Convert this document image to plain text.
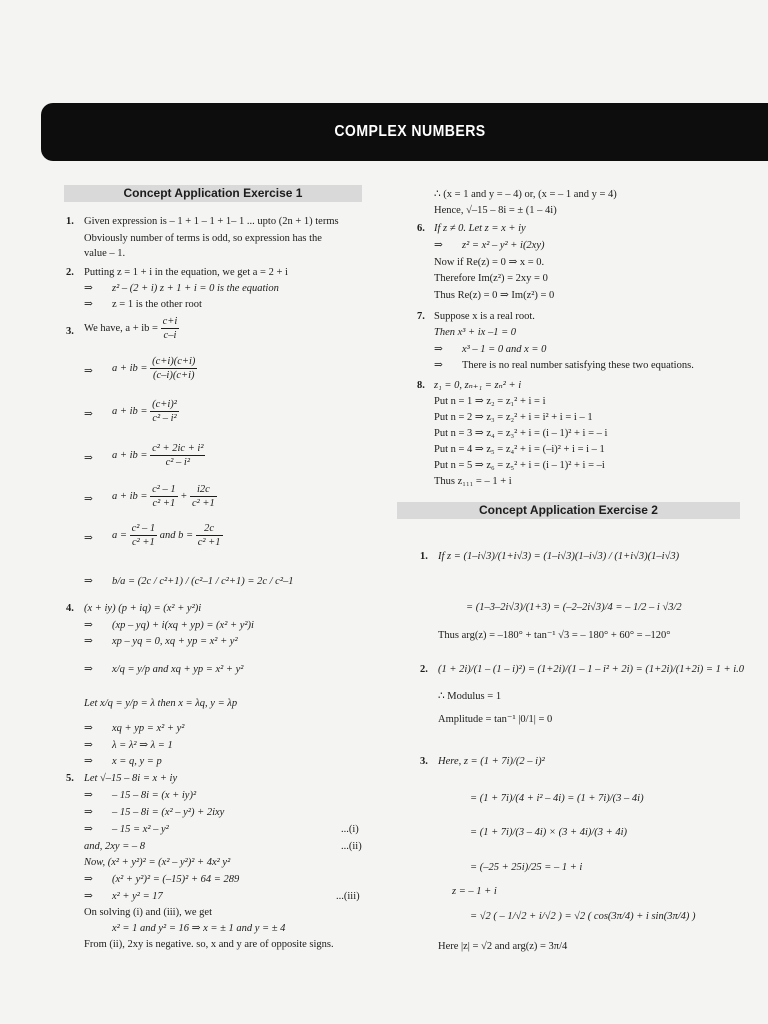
COMPLEX NUMBERS
Concept Application Exercise 1
1. Given expression is – 1 + 1 – 1 + 1– 1 ... upto (2n + 1) terms
Obviously number of terms is odd, so expression has the
value – 1.
2. Putting z = 1 + i in the equation, we get a = 2 + i
⇒ z² – (2 + i) z + 1 + i = 0 is the equation
⇒ z = 1 is the other root
3. We have, a + ib = $\frac{c+i}{c-i}$
⇒ a + ib = $\frac{(c+i)(c+i)}{(c-i)(c+i)}$
⇒ a + ib = $\frac{\text{(c+i)²}}{\text{c² – i²}}$
⇒ a + ib = $\frac{\text{c² + 2ic + i²}}{\text{c² – i²}}$
⇒ a + ib = $\frac{\text{c² – 1}}{\text{c² +1}} + \frac{i2c}{\text{c² +1}}$
⇒ $a = \frac{\text{c² – 1}}{\text{c² +1}}$ and $b = \frac{2c}{\text{c² +1}}$
⇒ b/a = (2c / c²+1) / (c²–1 / c²+1) = 2c / c²–1
4. (x + iy) (p + iq) = (x² + y²)i
⇒ (xp – yq) + i(xq + yp) = (x² + y²)i
⇒ xp – yq = 0, xq + yp = x² + y²
⇒ x/q = y/p and xq + yp = x² + y²
Let x/q = y/p = λ then x = λq, y = λp
⇒ xq + yp = x² + y²
⇒ λ = λ² ⇒ λ = 1
⇒ x = q, y = p
5. Let √–15 – 8i = x + iy
⇒ – 15 – 8i = (x + iy)²
⇒ – 15 – 8i = (x² – y²) + 2ixy
⇒ – 15 = x² – y²	...(i)
and, 2xy = – 8	...(ii)
Now, (x² + y²)² = (x² – y²)² + 4x² y²
⇒ (x² + y²)² = (–15)² + 64 = 289
⇒ x² + y² = 17	...(iii)
On solving (i) and (iii), we get
x² = 1 and y² = 16 ⇒ x = ± 1 and y = ± 4
From (ii), 2xy is negative. so, x and y are of opposite signs.
∴ (x = 1 and y = – 4) or, (x = – 1 and y = 4)
Hence, √–15 – 8i = ± (1 – 4i)
6. If z ≠ 0. Let z = x + iy
⇒ z² = x² – y² + i(2xy)
Now if Re(z) = 0 ⇒ x = 0.
Therefore Im(z²) = 2xy = 0
Thus Re(z) = 0 ⇒ Im(z²) = 0
7. Suppose x is a real root.
Then x³ + ix –1 = 0
⇒ x³ – 1 = 0 and x = 0
⇒ There is no real number satisfying these two equations.
8. z₁ = 0, zₙ₊₁ = zₙ² + i
Put n = 1 ⇒ z₂ = z₁² + i = i
Put n = 2 ⇒ z₃ = z₂² + i = i² + i = i – 1
Put n = 3 ⇒ z₄ = z₃² + i = (i – 1)² + i = – i
Put n = 4 ⇒ z₅ = z₄² + i = (–i)² + i = i – 1
Put n = 5 ⇒ z₆ = z₅² + i = (i – 1)² + i = –i
Thus z₁₁₁ = – 1 + i
Concept Application Exercise 2
1. If z = (1–i√3)/(1+i√3) = (1–i√3)(1–i√3) / (1+i√3)(1–i√3)
= (1–3–2i√3)/(1+3) = (–2–2i√3)/4 = – 1/2 – i √3/2
Thus arg(z) = –180° + tan⁻¹ √3 = – 180° + 60° = –120°
2. (1 + 2i)/(1 – (1 – i)²) = (1+2i)/(1 – 1 – i² + 2i) = (1+2i)/(1+2i) = 1 + i.0
∴ Modulus = 1
Amplitude = tan⁻¹ |0/1| = 0
3. Here, z = (1 + 7i)/(2 – i)²
= (1 + 7i)/(4 + i² – 4i) = (1 + 7i)/(3 – 4i)
= (1 + 7i)/(3 – 4i) × (3 + 4i)/(3 + 4i)
= (–25 + 25i)/25 = – 1 + i
z = – 1 + i
= √2 ( – 1/√2 + i/√2 ) = √2 ( cos(3π/4) + i sin(3π/4) )
Here |z| = √2 and arg(z) = 3π/4
